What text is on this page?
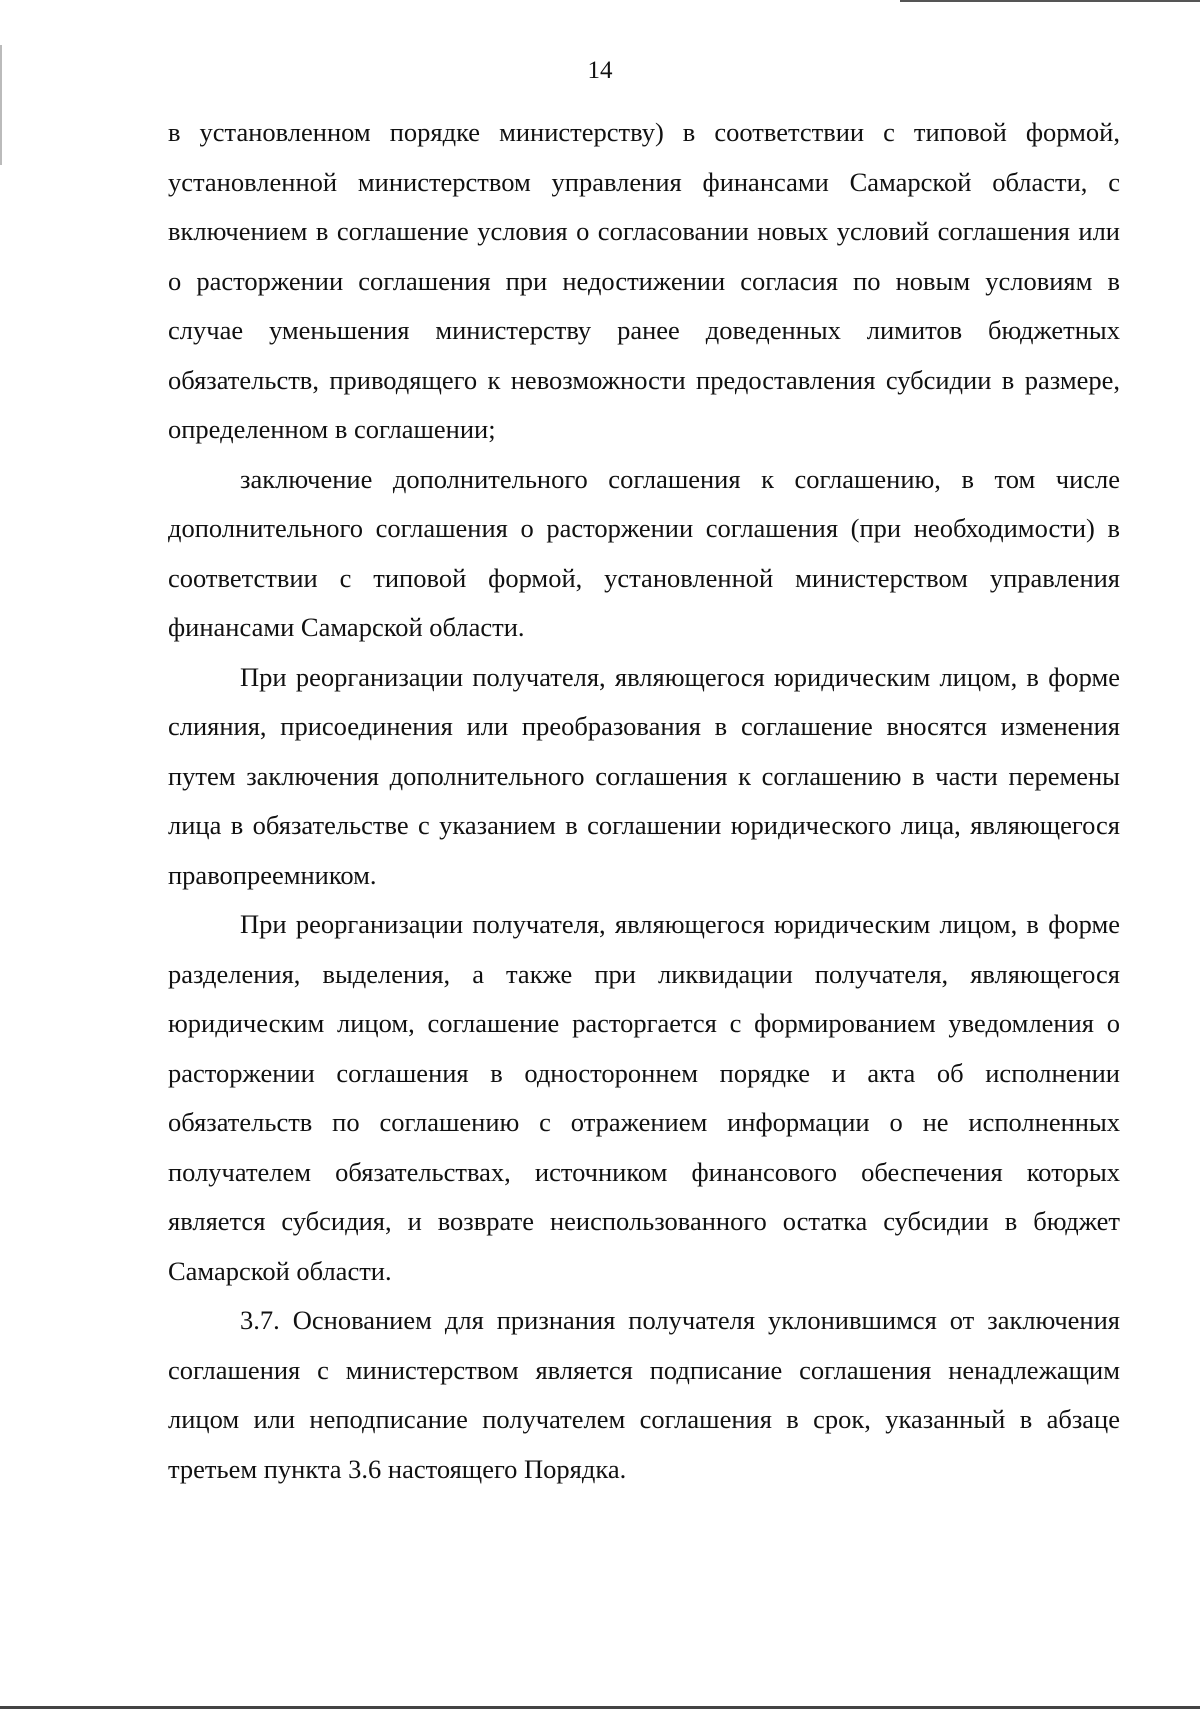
14

в установленном порядке министерству) в соответствии с типовой формой, установленной министерством управления финансами Самарской области, с включением в соглашение условия о согласовании новых условий соглашения или о расторжении соглашения при недостижении согласия по новым условиям в случае уменьшения министерству ранее доведенных лимитов бюджетных обязательств, приводящего к невозможности предоставления субсидии в размере, определенном в соглашении;

заключение дополнительного соглашения к соглашению, в том числе дополнительного соглашения о расторжении соглашения (при необходимости) в соответствии с типовой формой, установленной министерством управления финансами Самарской области.

При реорганизации получателя, являющегося юридическим лицом, в форме слияния, присоединения или преобразования в соглашение вносятся изменения путем заключения дополнительного соглашения к соглашению в части перемены лица в обязательстве с указанием в соглашении юридического лица, являющегося правопреемником.

При реорганизации получателя, являющегося юридическим лицом, в форме разделения, выделения, а также при ликвидации получателя, являющегося юридическим лицом, соглашение расторгается с формированием уведомления о расторжении соглашения в одностороннем порядке и акта об исполнении обязательств по соглашению с отражением информации о не исполненных получателем обязательствах, источником финансового обеспечения которых является субсидия, и возврате неиспользованного остатка субсидии в бюджет Самарской области.

3.7. Основанием для признания получателя уклонившимся от заключения соглашения с министерством является подписание соглашения ненадлежащим лицом или неподписание получателем соглашения в срок, указанный в абзаце третьем пункта 3.6 настоящего Порядка.
